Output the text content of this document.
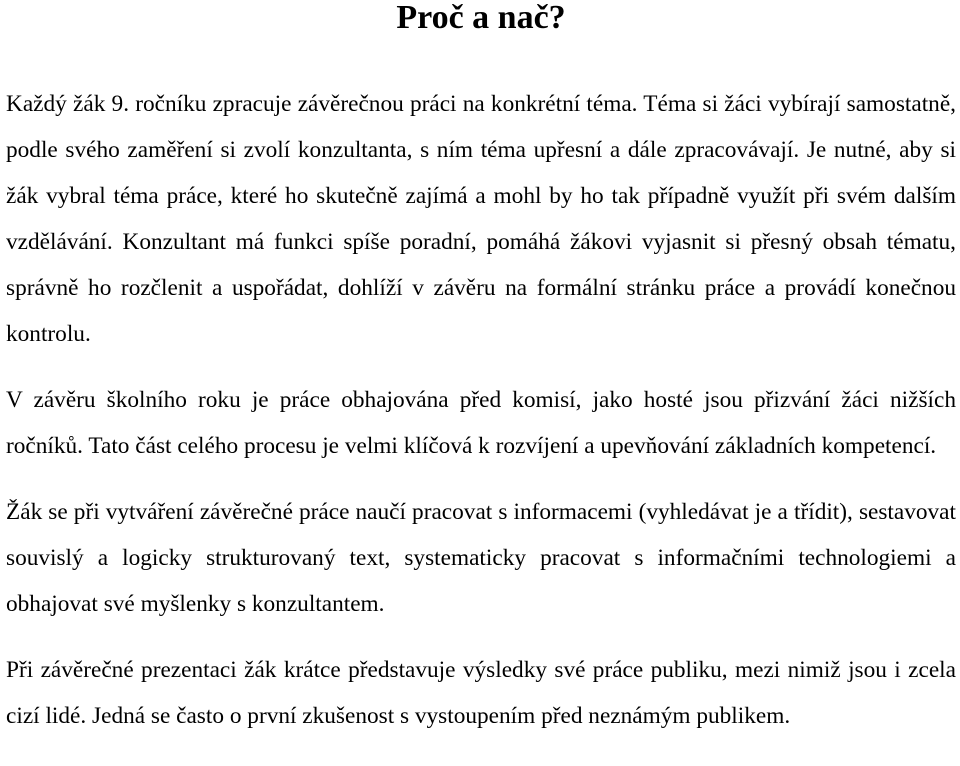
Proč a nač?

Každý žák 9. ročníku zpracuje závěrečnou práci na konkrétní téma. Téma si žáci vybírají samostatně, podle svého zaměření si zvolí konzultanta, s ním téma upřesní a dále zpracovávají. Je nutné, aby si žák vybral téma práce, které ho skutečně zajímá a mohl by ho tak případně využít při svém dalším vzdělávání. Konzultant má funkci spíše poradní, pomáhá žákovi vyjasnit si přesný obsah tématu, správně ho rozčlenit a uspořádat, dohlíží v závěru na formální stránku práce a provádí konečnou kontrolu.

V závěru školního roku je práce obhajována před komisí, jako hosté jsou přizvání žáci nižších ročníků. Tato část celého procesu je velmi klíčová k rozvíjení a upevňování základních kompetencí.

Žák se při vytváření závěrečné práce naučí pracovat s informacemi (vyhledávat je a třídit), sestavovat souvislý a logicky strukturovaný text, systematicky pracovat s informačními technologiemi a obhajovat své myšlenky s konzultantem.

Při závěrečné prezentaci žák krátce představuje výsledky své práce publiku, mezi nimiž jsou i zcela cizí lidé. Jedná se často o první zkušenost s vystoupením před neznámým publikem.
